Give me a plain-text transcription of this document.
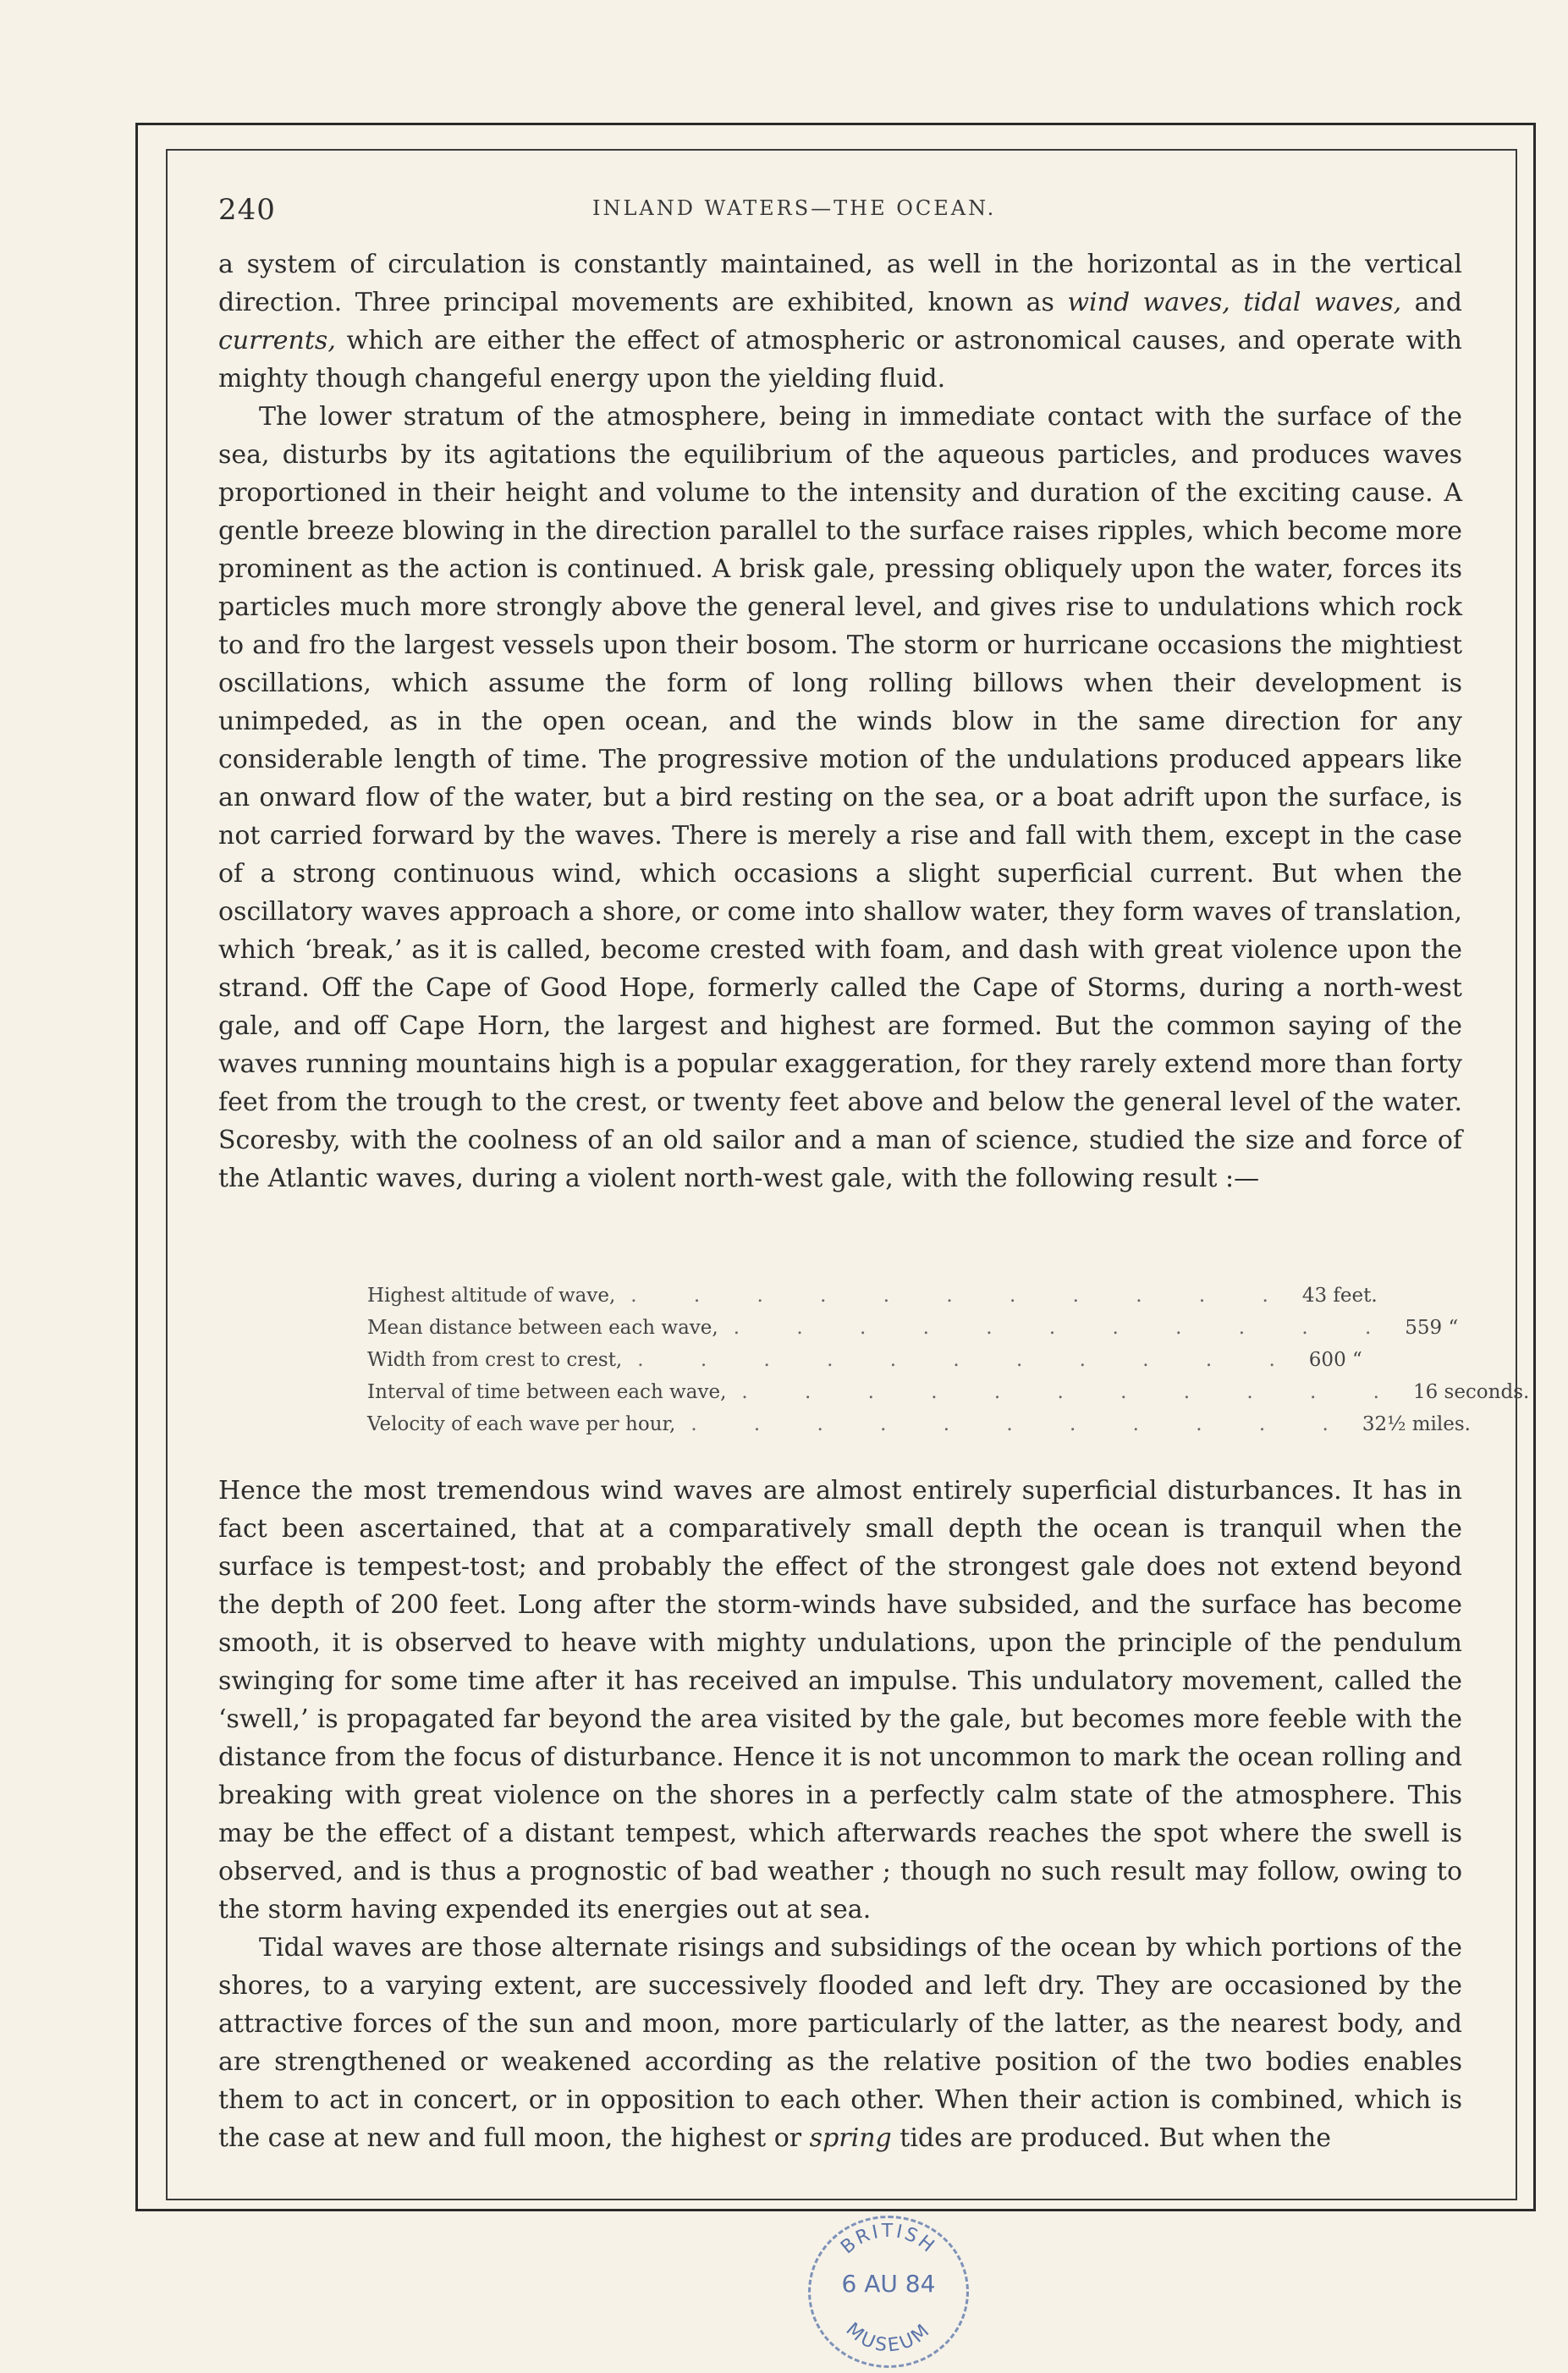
240	INLAND WATERS—THE OCEAN.

a system of circulation is constantly maintained, as well in the horizontal as in the vertical direction. Three principal movements are exhibited, known as wind waves, tidal waves, and currents, which are either the effect of atmospheric or astronomical causes, and operate with mighty though changeful energy upon the yielding fluid.

The lower stratum of the atmosphere, being in immediate contact with the surface of the sea, disturbs by its agitations the equilibrium of the aqueous particles, and produces waves proportioned in their height and volume to the intensity and duration of the exciting cause. A gentle breeze blowing in the direction parallel to the surface raises ripples, which become more prominent as the action is continued. A brisk gale, pressing obliquely upon the water, forces its particles much more strongly above the general level, and gives rise to undulations which rock to and fro the largest vessels upon their bosom. The storm or hurricane occasions the mightiest oscillations, which assume the form of long rolling billows when their development is unimpeded, as in the open ocean, and the winds blow in the same direction for any considerable length of time. The progressive motion of the undulations produced appears like an onward flow of the water, but a bird resting on the sea, or a boat adrift upon the surface, is not carried forward by the waves. There is merely a rise and fall with them, except in the case of a strong continuous wind, which occasions a slight superficial current. But when the oscillatory waves approach a shore, or come into shallow water, they form waves of translation, which ‘break,’ as it is called, become crested with foam, and dash with great violence upon the strand. Off the Cape of Good Hope, formerly called the Cape of Storms, during a north-west gale, and off Cape Horn, the largest and highest are formed. But the common saying of the waves running mountains high is a popular exaggeration, for they rarely extend more than forty feet from the trough to the crest, or twenty feet above and below the general level of the water. Scoresby, with the coolness of an old sailor and a man of science, studied the size and force of the Atlantic waves, during a violent north-west gale, with the following result :—

Highest altitude of wave, . . . . . . . . . . . 43 feet.
Mean distance between each wave, . . . . . . . . . . . 559 “
Width from crest to crest, . . . . . . . . . . . 600 “
Interval of time between each wave, . . . . . . . . . . . 16 seconds.
Velocity of each wave per hour, . . . . . . . . . . . 32½ miles.

Hence the most tremendous wind waves are almost entirely superficial disturbances. It has in fact been ascertained, that at a comparatively small depth the ocean is tranquil when the surface is tempest-tost; and probably the effect of the strongest gale does not extend beyond the depth of 200 feet. Long after the storm-winds have subsided, and the surface has become smooth, it is observed to heave with mighty undulations, upon the principle of the pendulum swinging for some time after it has received an impulse. This undulatory movement, called the ‘swell,’ is propagated far beyond the area visited by the gale, but becomes more feeble with the distance from the focus of disturbance. Hence it is not uncommon to mark the ocean rolling and breaking with great violence on the shores in a perfectly calm state of the atmosphere. This may be the effect of a distant tempest, which afterwards reaches the spot where the swell is observed, and is thus a prognostic of bad weather ; though no such result may follow, owing to the storm having expended its energies out at sea.

Tidal waves are those alternate risings and subsidings of the ocean by which portions of the shores, to a varying extent, are successively flooded and left dry. They are occasioned by the attractive forces of the sun and moon, more particularly of the latter, as the nearest body, and are strengthened or weakened according as the relative position of the two bodies enables them to act in concert, or in opposition to each other. When their action is combined, which is the case at new and full moon, the highest or spring tides are produced. But when the

BRITISH
MUSEUM
6 AU 84
